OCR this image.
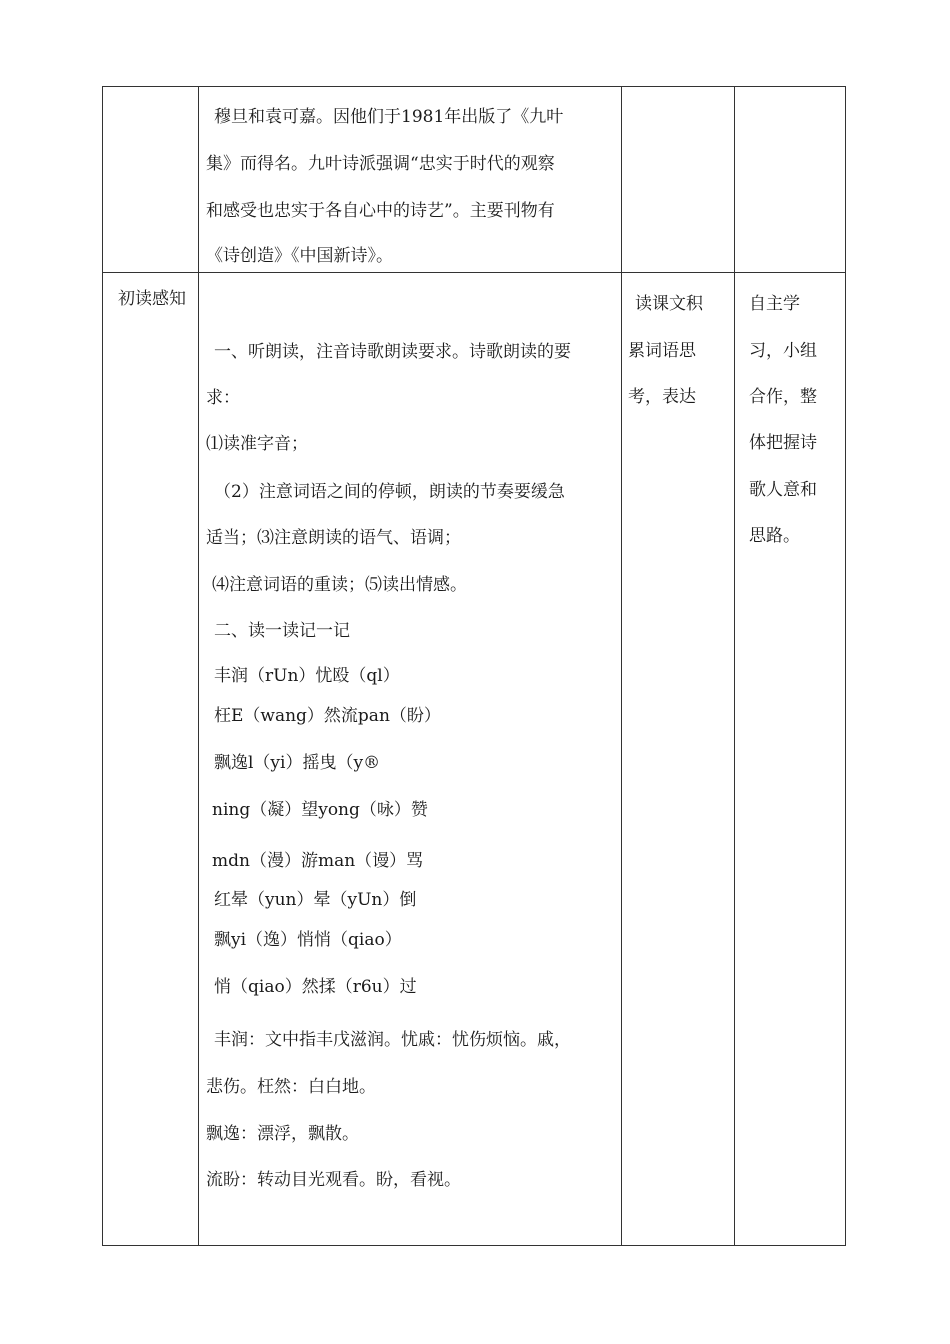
穆旦和袁可嘉。因他们于1981年出版了《九叶
集》而得名。九叶诗派强调“忠实于时代的观察
和感受也忠实于各自心中的诗艺”。主要刊物有
《诗创造》《中国新诗》。
初读感知
一、听朗读，注音诗歌朗读要求。诗歌朗读的要
求：
⑴读准字音；
（2）注意词语之间的停顿，朗读的节奏要缓急
适当；⑶注意朗读的语气、语调；
⑷注意词语的重读；⑸读出情感。
二、读一读记一记
丰润（rUn）忧殴（ql）
枉E（wang）然流pan（盼）
飘逸l（yi）摇曳（y®
ning（凝）望yong（咏）赞
mdn（漫）游man（谩）骂
红晕（yun）晕（yUn）倒
飘yi（逸）悄悄（qiao）
悄（qiao）然揉（r6u）过
丰润：文中指丰戊滋润。忧戚：忧伤烦恼。戚，
悲伤。枉然：白白地。
飘逸：漂浮，飘散。
流盼：转动目光观看。盼，看视。
读课文积
累词语思
考，表达
自主学
习，小组
合作，整
体把握诗
歌人意和
思路。
